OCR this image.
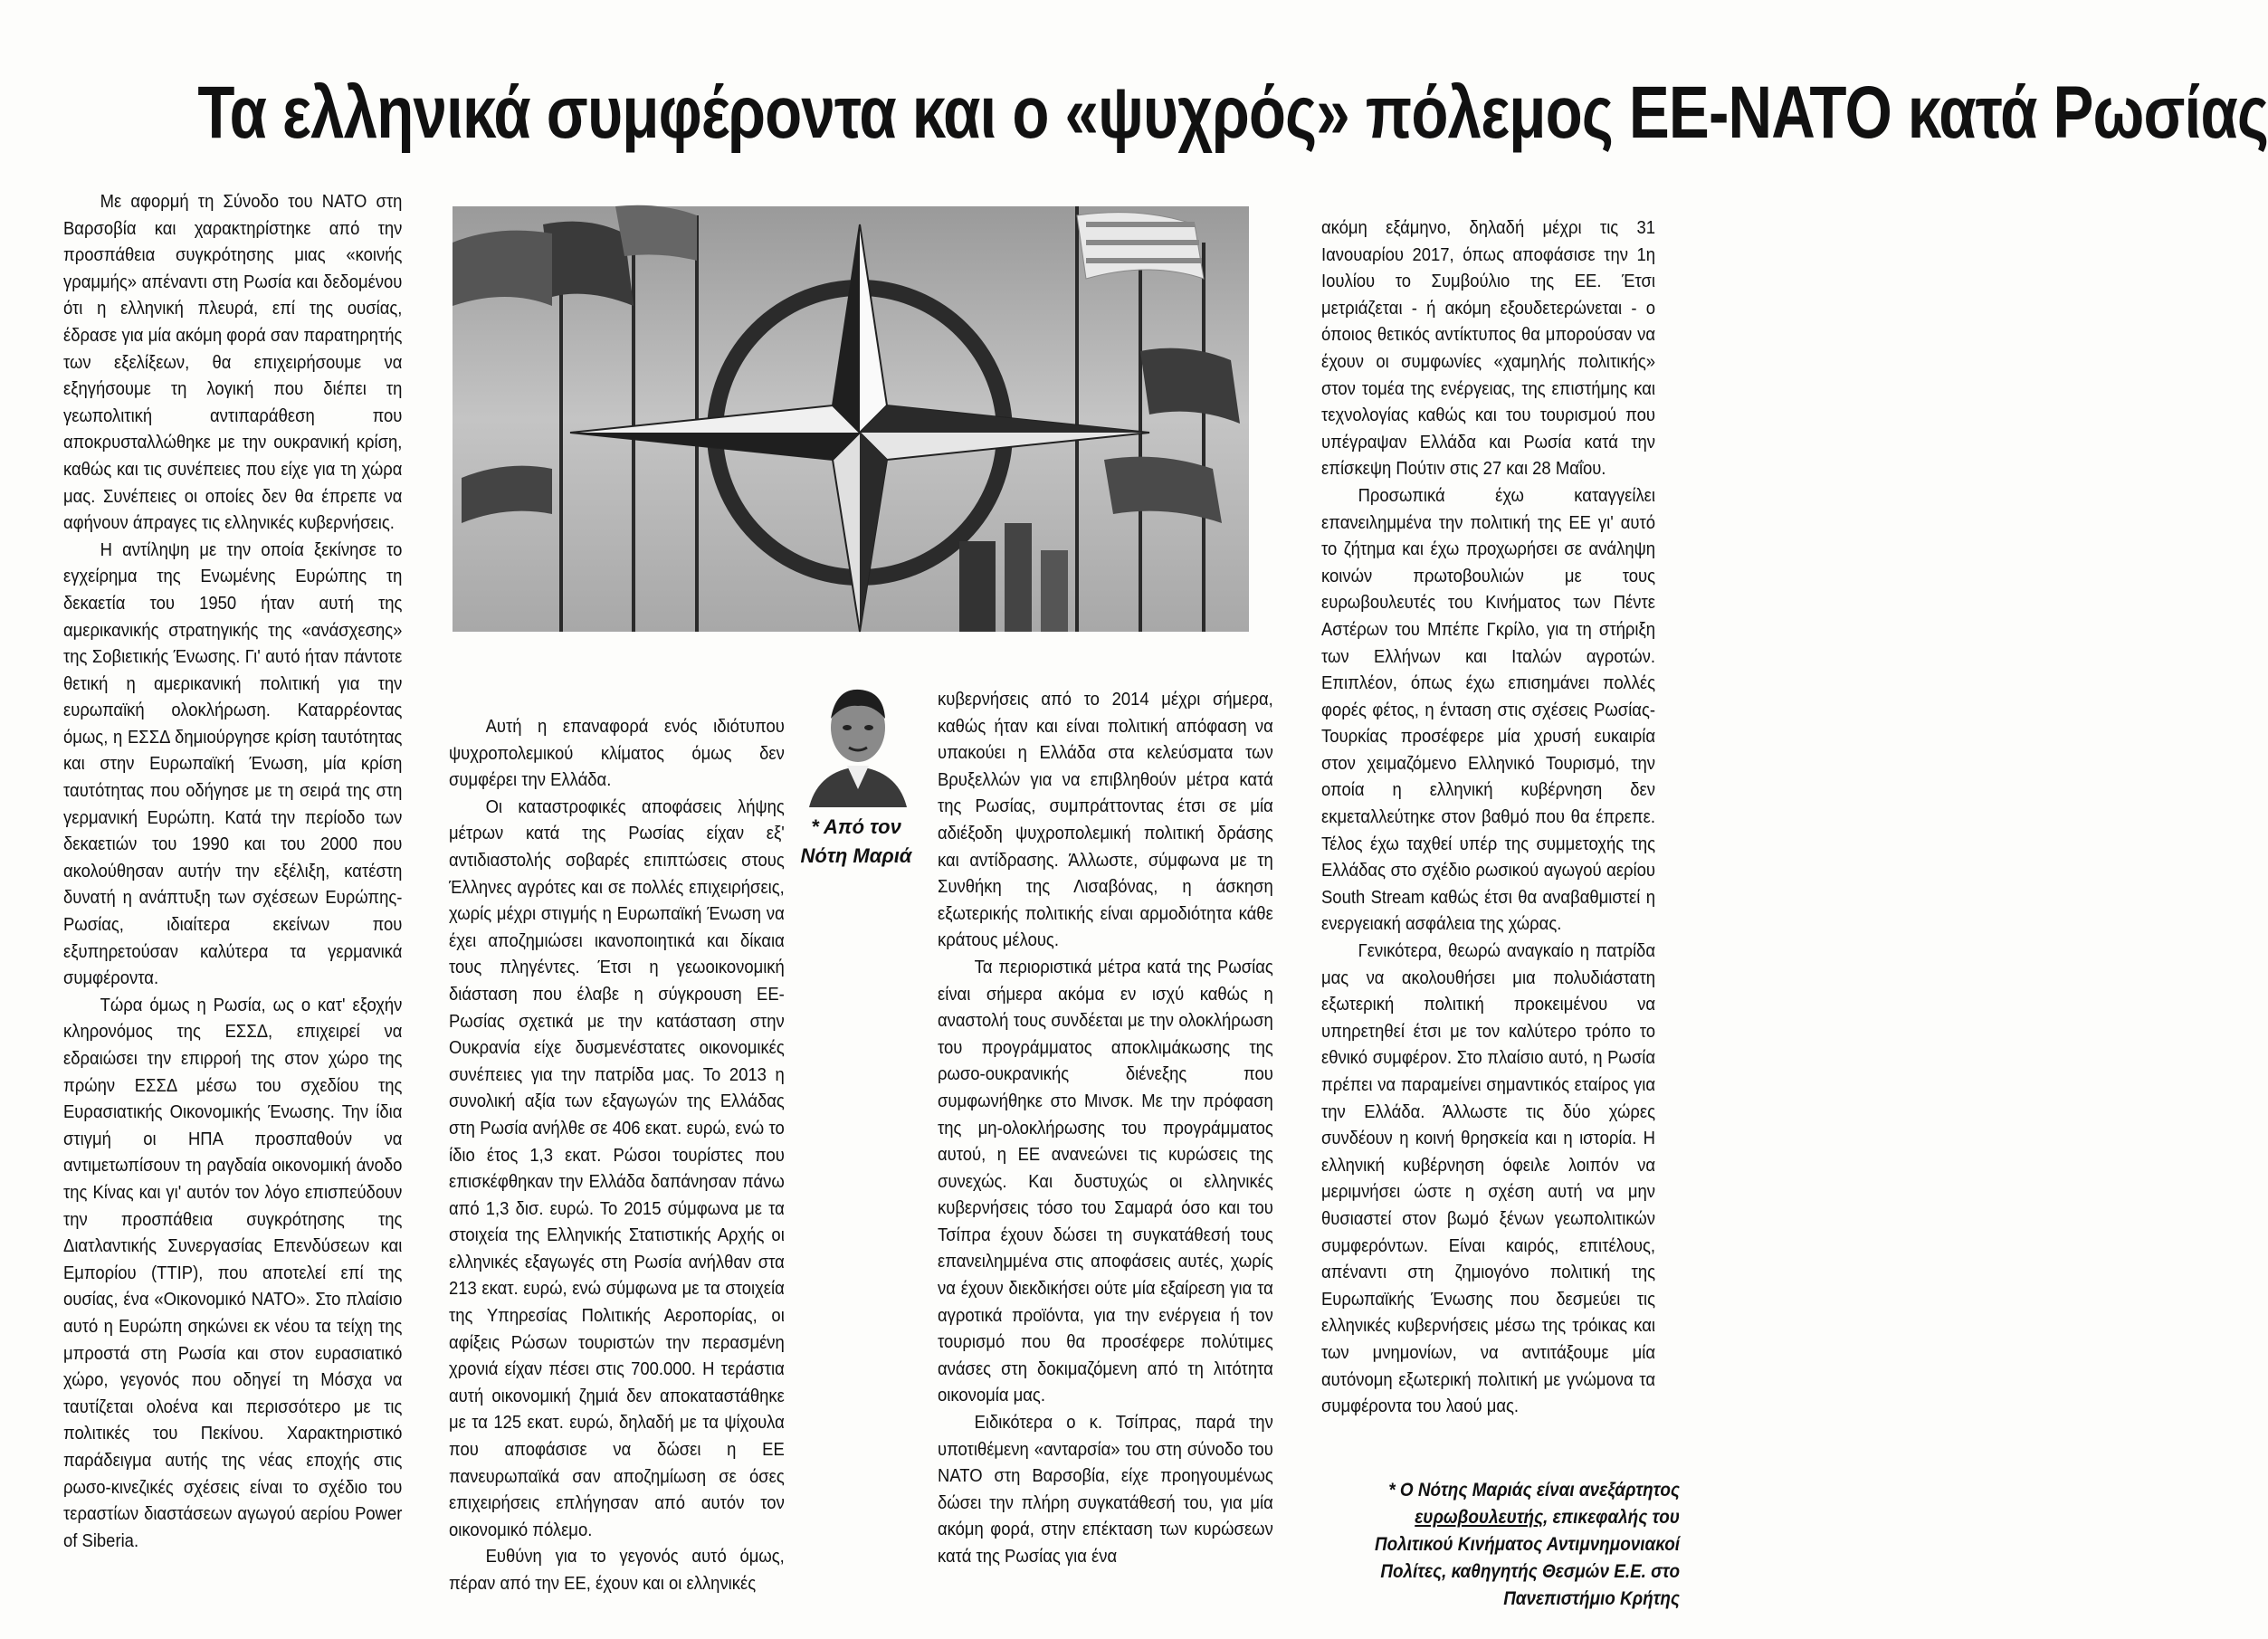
Τα ελληνικά συμφέροντα και ο «ψυχρός» πόλεμος ΕΕ-ΝΑΤΟ κατά Ρωσίας

Με αφορμή τη Σύνοδο του ΝΑΤΟ στη Βαρσοβία και χαρακτηρίστηκε από την προσπάθεια συγκρότησης μιας «κοινής γραμμής» απέναντι στη Ρωσία και δεδομένου ότι η ελληνική πλευρά, επί της ουσίας, έδρασε για μία ακόμη φορά σαν παρατηρητής των εξελίξεων, θα επιχειρήσουμε να εξηγήσουμε τη λογική που διέπει τη γεωπολιτική αντιπαράθεση που αποκρυσταλλώθηκε με την ουκρανική κρίση, καθώς και τις συνέπειες που είχε για τη χώρα μας. Συνέπειες οι οποίες δεν θα έπρεπε να αφήνουν άπραγες τις ελληνικές κυβερνήσεις.

Η αντίληψη με την οποία ξεκίνησε το εγχείρημα της Ενωμένης Ευρώπης τη δεκαετία του 1950 ήταν αυτή της αμερικανικής στρατηγικής της «ανάσχεσης» της Σοβιετικής Ένωσης. Γι' αυτό ήταν πάντοτε θετική η αμερικανική πολιτική για την ευρωπαϊκή ολοκλήρωση. Καταρρέοντας όμως, η ΕΣΣΔ δημιούργησε κρίση ταυτότητας και στην Ευρωπαϊκή Ένωση, μία κρίση ταυτότητας που οδήγησε με τη σειρά της στη γερμανική Ευρώπη. Κατά την περίοδο των δεκαετιών του 1990 και του 2000 που ακολούθησαν αυτήν την εξέλιξη, κατέστη δυνατή η ανάπτυξη των σχέσεων Ευρώπης-Ρωσίας, ιδιαίτερα εκείνων που εξυπηρετούσαν καλύτερα τα γερμανικά συμφέροντα.

Τώρα όμως η Ρωσία, ως ο κατ' εξοχήν κληρονόμος της ΕΣΣΔ, επιχειρεί να εδραιώσει την επιρροή της στον χώρο της πρώην ΕΣΣΔ μέσω του σχεδίου της Ευρασιατικής Οικονομικής Ένωσης. Την ίδια στιγμή οι ΗΠΑ προσπαθούν να αντιμετωπίσουν τη ραγδαία οικονομική άνοδο της Κίνας και γι' αυτόν τον λόγο επισπεύδουν την προσπάθεια συγκρότησης της Διατλαντικής Συνεργασίας Επενδύσεων και Εμπορίου (TTIP), που αποτελεί επί της ουσίας, ένα «Οικονομικό ΝΑΤΟ». Στο πλαίσιο αυτό η Ευρώπη σηκώνει εκ νέου τα τείχη της μπροστά στη Ρωσία και στον ευρασιατικό χώρο, γεγονός που οδηγεί τη Μόσχα να ταυτίζεται ολοένα και περισσότερο με τις πολιτικές του Πεκίνου. Χαρακτηριστικό παράδειγμα αυτής της νέας εποχής στις ρωσο-κινεζικές σχέσεις είναι το σχέδιο του τεραστίων διαστάσεων αγωγού αερίου Power of Siberia.

* Από τον
Νότη Μαριά

Αυτή η επαναφορά ενός ιδιότυπου ψυχροπολεμικού κλίματος όμως δεν συμφέρει την Ελλάδα.

Οι καταστροφικές αποφάσεις λήψης μέτρων κατά της Ρωσίας είχαν εξ' αντιδιαστολής σοβαρές επιπτώσεις στους Έλληνες αγρότες και σε πολλές επιχειρήσεις, χωρίς μέχρι στιγμής η Ευρωπαϊκή Ένωση να έχει αποζημιώσει ικανοποιητικά και δίκαια τους πληγέντες. Έτσι η γεωοικονομική διάσταση που έλαβε η σύγκρουση ΕΕ-Ρωσίας σχετικά με την κατάσταση στην Ουκρανία είχε δυσμενέστατες οικονομικές συνέπειες για την πατρίδα μας. Το 2013 η συνολική αξία των εξαγωγών της Ελλάδας στη Ρωσία ανήλθε σε 406 εκατ. ευρώ, ενώ το ίδιο έτος 1,3 εκατ. Ρώσοι τουρίστες που επισκέφθηκαν την Ελλάδα δαπάνησαν πάνω από 1,3 δισ. ευρώ. Το 2015 σύμφωνα με τα στοιχεία της Ελληνικής Στατιστικής Αρχής οι ελληνικές εξαγωγές στη Ρωσία ανήλθαν στα 213 εκατ. ευρώ, ενώ σύμφωνα με τα στοιχεία της Υπηρεσίας Πολιτικής Αεροπορίας, οι αφίξεις Ρώσων τουριστών την περασμένη χρονιά είχαν πέσει στις 700.000. Η τεράστια αυτή οικονομική ζημιά δεν αποκαταστάθηκε με τα 125 εκατ. ευρώ, δηλαδή με τα ψίχουλα που αποφάσισε να δώσει η ΕΕ πανευρωπαϊκά σαν αποζημίωση σε όσες επιχειρήσεις επλήγησαν από αυτόν τον οικονομικό πόλεμο.

Ευθύνη για το γεγονός αυτό όμως, πέραν από την ΕΕ, έχουν και οι ελληνικές

κυβερνήσεις από το 2014 μέχρι σήμερα, καθώς ήταν και είναι πολιτική απόφαση να υπακούει η Ελλάδα στα κελεύσματα των Βρυξελλών για να επιβληθούν μέτρα κατά της Ρωσίας, συμπράττοντας έτσι σε μία αδιέξοδη ψυχροπολεμική πολιτική δράσης και αντίδρασης. Άλλωστε, σύμφωνα με τη Συνθήκη της Λισαβόνας, η άσκηση εξωτερικής πολιτικής είναι αρμοδιότητα κάθε κράτους μέλους.

Τα περιοριστικά μέτρα κατά της Ρωσίας είναι σήμερα ακόμα εν ισχύ καθώς η αναστολή τους συνδέεται με την ολοκλήρωση του προγράμματος αποκλιμάκωσης της ρωσο-ουκρανικής διένεξης που συμφωνήθηκε στο Μινσκ. Με την πρόφαση της μη-ολοκλήρωσης του προγράμματος αυτού, η ΕΕ ανανεώνει τις κυρώσεις της συνεχώς. Και δυστυχώς οι ελληνικές κυβερνήσεις τόσο του Σαμαρά όσο και του Τσίπρα έχουν δώσει τη συγκατάθεσή τους επανειλημμένα στις αποφάσεις αυτές, χωρίς να έχουν διεκδικήσει ούτε μία εξαίρεση για τα αγροτικά προϊόντα, για την ενέργεια ή τον τουρισμό που θα προσέφερε πολύτιμες ανάσες στη δοκιμαζόμενη από τη λιτότητα οικονομία μας.

Ειδικότερα ο κ. Τσίπρας, παρά την υποτιθέμενη «ανταρσία» του στη σύνοδο του ΝΑΤΟ στη Βαρσοβία, είχε προηγουμένως δώσει την πλήρη συγκατάθεσή του, για μία ακόμη φορά, στην επέκταση των κυρώσεων κατά της Ρωσίας για ένα

ακόμη εξάμηνο, δηλαδή μέχρι τις 31 Ιανουαρίου 2017, όπως αποφάσισε την 1η Ιουλίου το Συμβούλιο της ΕΕ. Έτσι μετριάζεται - ή ακόμη εξουδετερώνεται - ο όποιος θετικός αντίκτυπος θα μπορούσαν να έχουν οι συμφωνίες «χαμηλής πολιτικής» στον τομέα της ενέργειας, της επιστήμης και τεχνολογίας καθώς και του τουρισμού που υπέγραψαν Ελλάδα και Ρωσία κατά την επίσκεψη Πούτιν στις 27 και 28 Μαΐου.

Προσωπικά έχω καταγγείλει επανειλημμένα την πολιτική της ΕΕ γι' αυτό το ζήτημα και έχω προχωρήσει σε ανάληψη κοινών πρωτοβουλιών με τους ευρωβουλευτές του Κινήματος των Πέντε Αστέρων του Μπέπε Γκρίλο, για τη στήριξη των Ελλήνων και Ιταλών αγροτών. Επιπλέον, όπως έχω επισημάνει πολλές φορές φέτος, η ένταση στις σχέσεις Ρωσίας-Τουρκίας προσέφερε μία χρυσή ευκαιρία στον χειμαζόμενο Ελληνικό Τουρισμό, την οποία η ελληνική κυβέρνηση δεν εκμεταλλεύτηκε στον βαθμό που θα έπρεπε. Τέλος έχω ταχθεί υπέρ της συμμετοχής της Ελλάδας στο σχέδιο ρωσικού αγωγού αερίου South Stream καθώς έτσι θα αναβαθμιστεί η ενεργειακή ασφάλεια της χώρας.

Γενικότερα, θεωρώ αναγκαίο η πατρίδα μας να ακολουθήσει μια πολυδιάστατη εξωτερική πολιτική προκειμένου να υπηρετηθεί έτσι με τον καλύτερο τρόπο το εθνικό συμφέρον. Στο πλαίσιο αυτό, η Ρωσία πρέπει να παραμείνει σημαντικός εταίρος για την Ελλάδα. Άλλωστε τις δύο χώρες συνδέουν η κοινή θρησκεία και η ιστορία. Η ελληνική κυβέρνηση όφειλε λοιπόν να μεριμνήσει ώστε η σχέση αυτή να μην θυσιαστεί στον βωμό ξένων γεωπολιτικών συμφερόντων. Είναι καιρός, επιτέλους, απέναντι στη ζημιογόνο πολιτική της Ευρωπαϊκής Ένωσης που δεσμεύει τις ελληνικές κυβερνήσεις μέσω της τρόικας και των μνημονίων, να αντιτάξουμε μία αυτόνομη εξωτερική πολιτική με γνώμονα τα συμφέροντα του λαού μας.

* Ο Νότης Μαριάς είναι ανεξάρτητος ευρωβουλευτής, επικεφαλής του Πολιτικού Κινήματος Αντιμνημονιακοί Πολίτες, καθηγητής Θεσμών Ε.Ε. στο Πανεπιστήμιο Κρήτης
